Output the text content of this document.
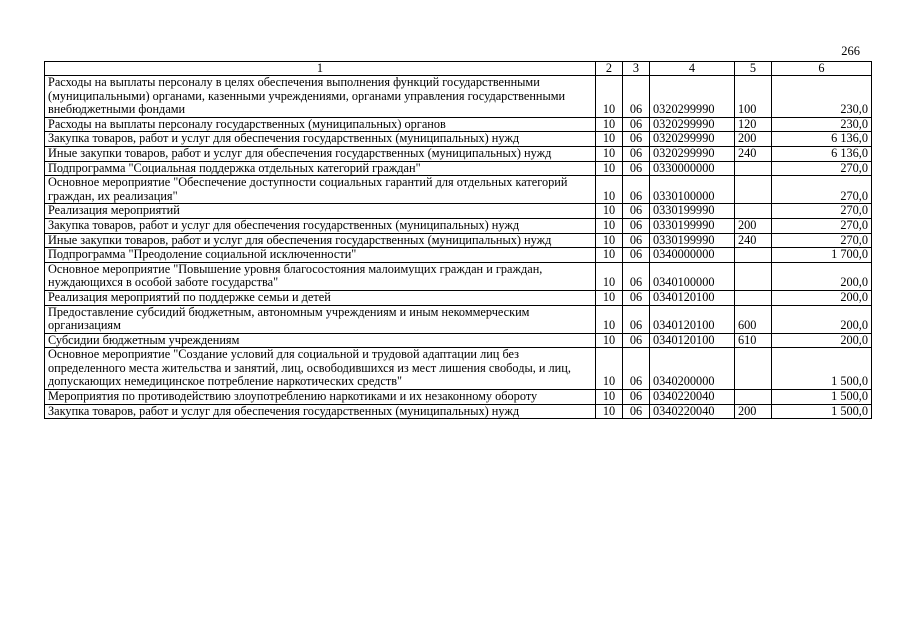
266
1	2	3	4	5	6
Расходы на выплаты персоналу в целях обеспечения выполнения функций государственными (муниципальными) органами, казенными учреждениями, органами управления государственными внебюджетными фондами	10	06	0320299990	100	230,0
Расходы на выплаты персоналу государственных (муниципальных) органов	10	06	0320299990	120	230,0
Закупка товаров, работ и услуг для обеспечения государственных (муниципальных) нужд	10	06	0320299990	200	6 136,0
Иные закупки товаров, работ и услуг для обеспечения государственных (муниципальных) нужд	10	06	0320299990	240	6 136,0
Подпрограмма "Социальная поддержка отдельных категорий граждан"	10	06	0330000000		270,0
Основное мероприятие "Обеспечение доступности социальных гарантий для отдельных категорий граждан, их реализация"	10	06	0330100000		270,0
Реализация мероприятий	10	06	0330199990		270,0
Закупка товаров, работ и услуг для обеспечения государственных (муниципальных) нужд	10	06	0330199990	200	270,0
Иные закупки товаров, работ и услуг для обеспечения государственных (муниципальных) нужд	10	06	0330199990	240	270,0
Подпрограмма "Преодоление социальной исключенности"	10	06	0340000000		1 700,0
Основное мероприятие "Повышение уровня благосостояния малоимущих граждан и граждан, нуждающихся в особой заботе государства"	10	06	0340100000		200,0
Реализация мероприятий по поддержке семьи и детей	10	06	0340120100		200,0
Предоставление субсидий бюджетным, автономным учреждениям и иным некоммерческим организациям	10	06	0340120100	600	200,0
Субсидии бюджетным учреждениям	10	06	0340120100	610	200,0
Основное мероприятие "Создание условий для социальной и трудовой адаптации лиц без определенного места жительства и занятий, лиц, освободившихся из мест лишения свободы, и лиц, допускающих немедицинское потребление наркотических средств"	10	06	0340200000		1 500,0
Мероприятия по противодействию злоупотреблению наркотиками и их незаконному обороту	10	06	0340220040		1 500,0
Закупка товаров, работ и услуг для обеспечения государственных (муниципальных) нужд	10	06	0340220040	200	1 500,0
